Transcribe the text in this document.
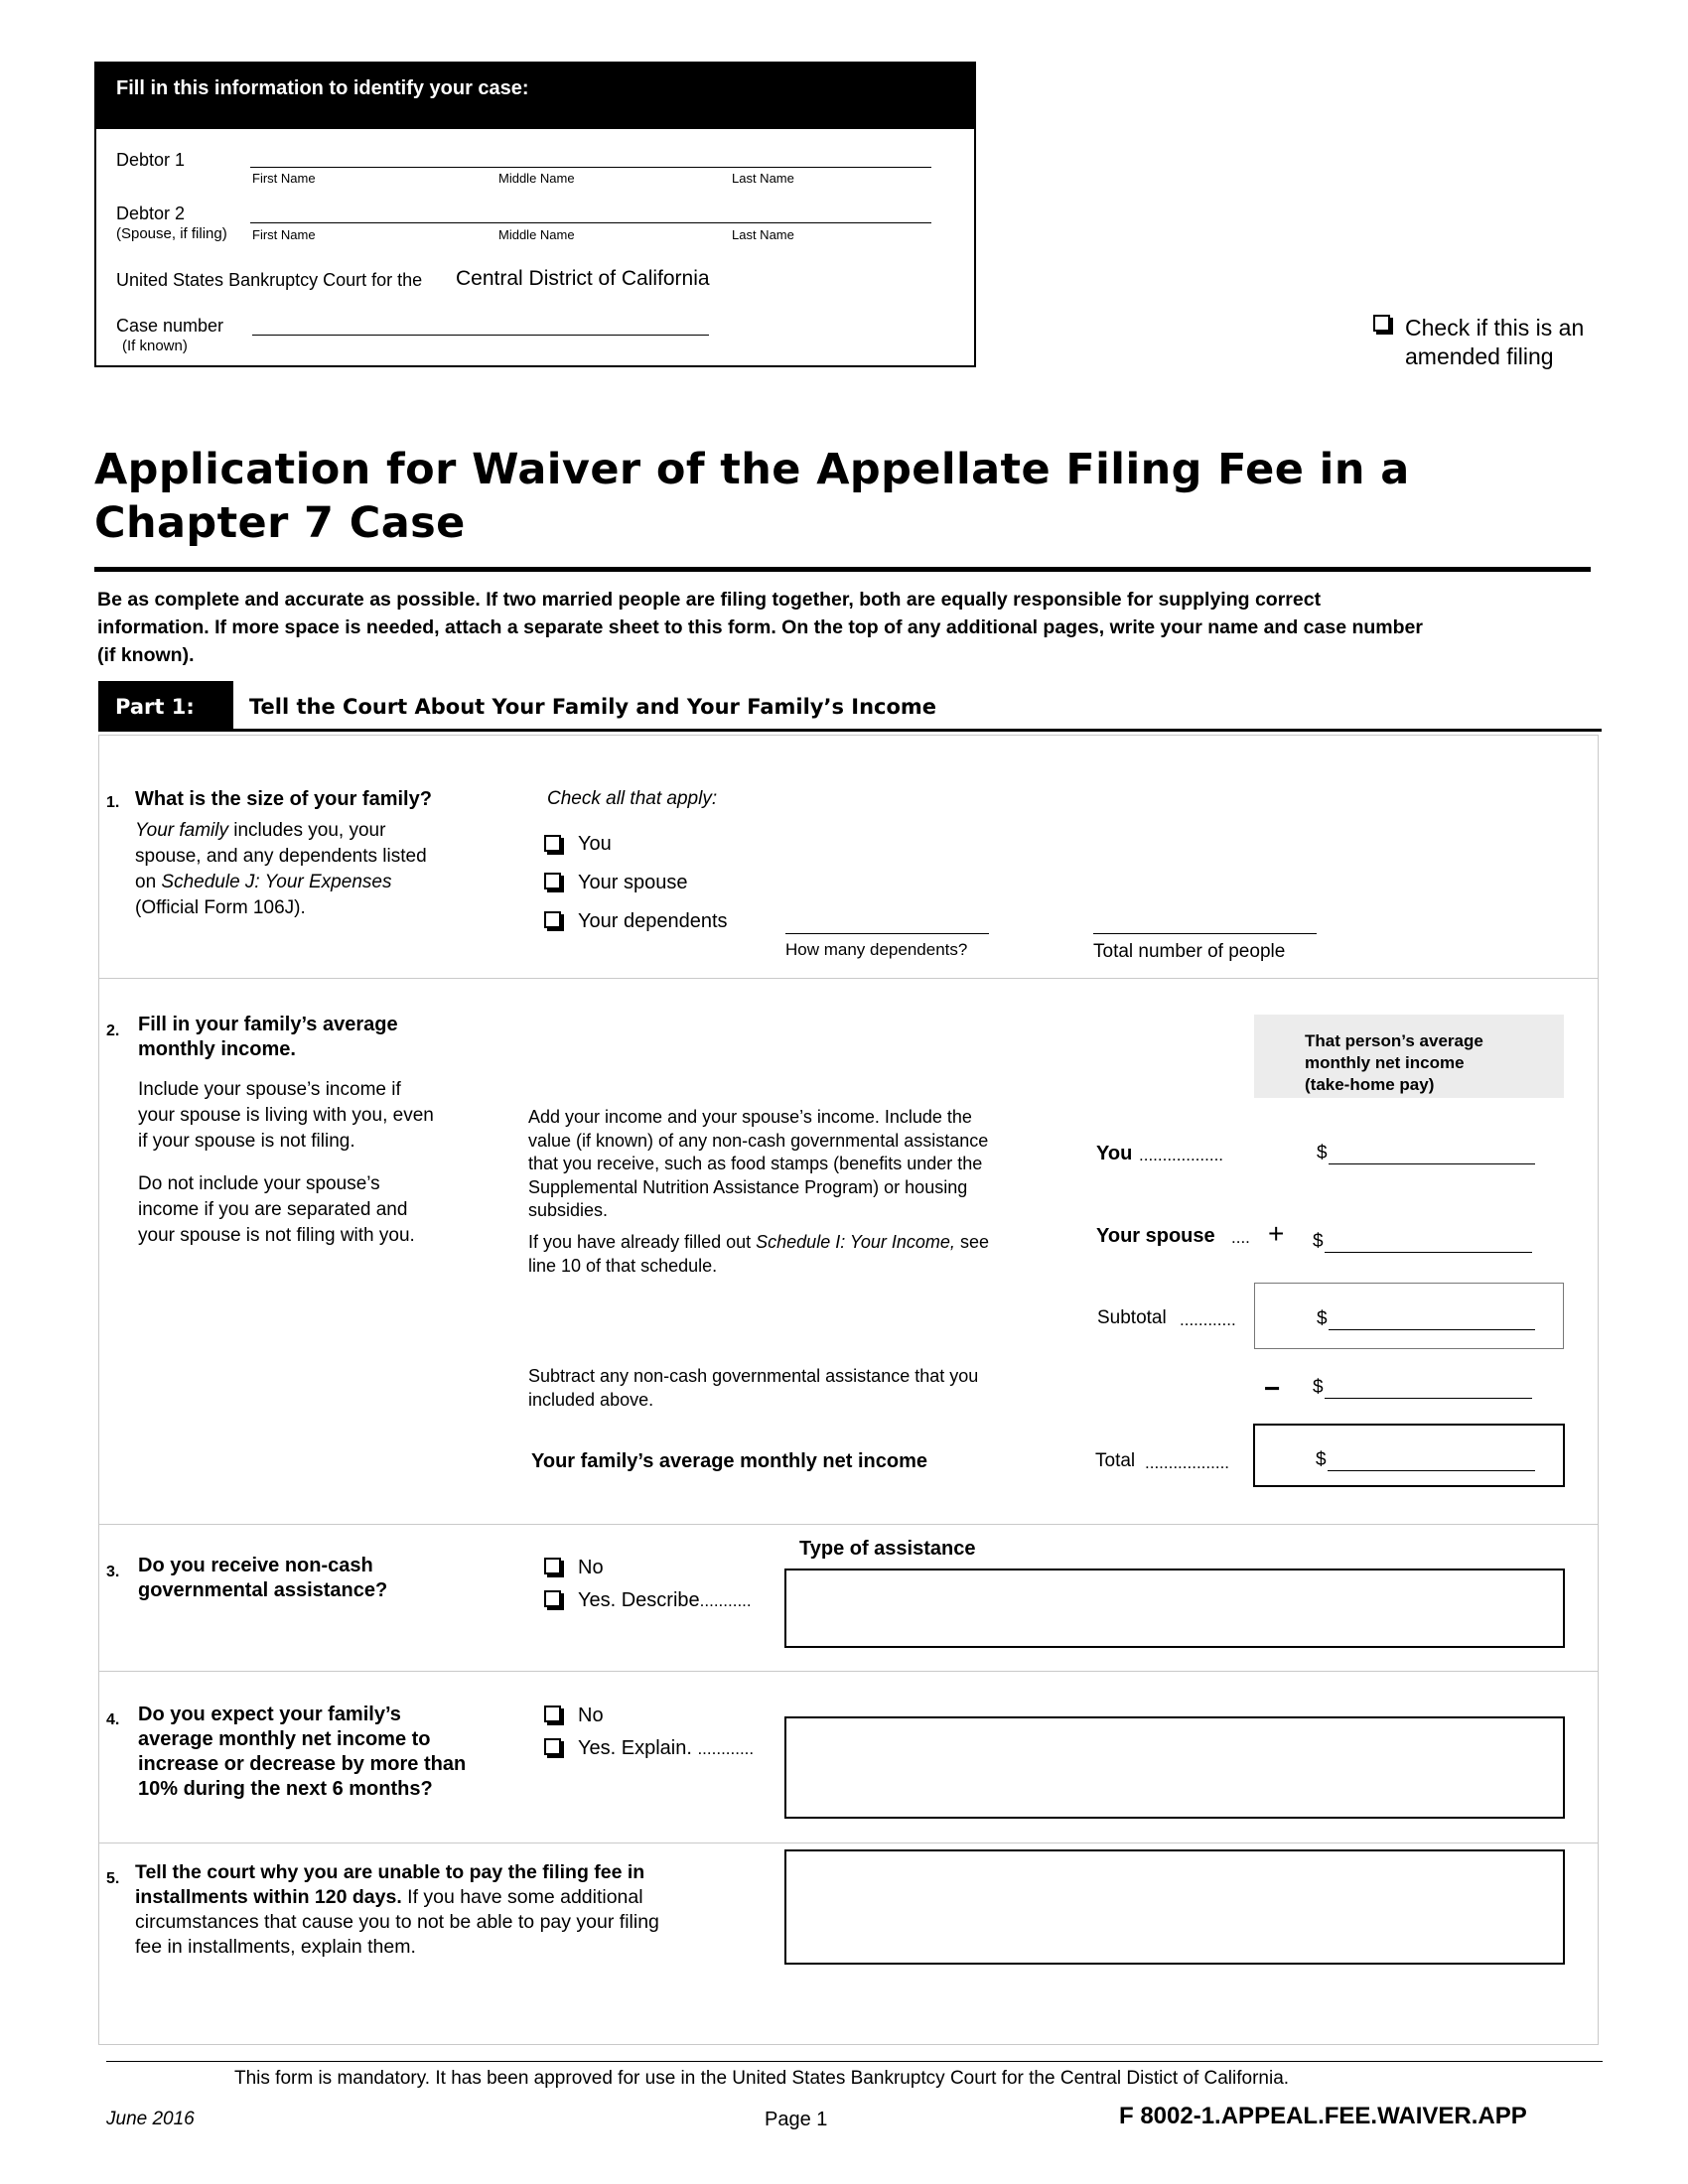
Fill in this information to identify your case:
Debtor 1
First Name	Middle Name	Last Name
Debtor 2
(Spouse, if filing) First Name	Middle Name	Last Name
United States Bankruptcy Court for the Central District of California
Case number
(If known)
Check if this is an
amended filing
Application for Waiver of the Appellate Filing Fee in a
Chapter 7 Case
Be as complete and accurate as possible. If two married people are filing together, both are equally responsible for supplying correct
information. If more space is needed, attach a separate sheet to this form. On the top of any additional pages, write your name and case number
(if known).
Part 1:	Tell the Court About Your Family and Your Family’s Income
1. What is the size of your family?
Your family includes you, your
spouse, and any dependents listed
on Schedule J: Your Expenses
(Official Form 106J).
Check all that apply:
You
Your spouse
Your dependents
How many dependents?	Total number of people
2. Fill in your family’s average
monthly income.
Include your spouse’s income if
your spouse is living with you, even
if your spouse is not filing.
Do not include your spouse’s
income if you are separated and
your spouse is not filing with you.
Add your income and your spouse’s income. Include the
value (if known) of any non-cash governmental assistance
that you receive, such as food stamps (benefits under the
Supplemental Nutrition Assistance Program) or housing
subsidies.
If you have already filled out Schedule I: Your Income, see
line 10 of that schedule.
Subtract any non-cash governmental assistance that you
included above.
Your family’s average monthly net income
That person’s average
monthly net income
(take-home pay)
You ..................	$
Your spouse .... + $
Subtotal ............	$
− $
Total ..................	$
3. Do you receive non-cash
governmental assistance?
Type of assistance
No
Yes. Describe...........
4. Do you expect your family’s
average monthly net income to
increase or decrease by more than
10% during the next 6 months?
No
Yes. Explain. ............
5. Tell the court why you are unable to pay the filing fee in
installments within 120 days. If you have some additional
circumstances that cause you to not be able to pay your filing
fee in installments, explain them.
This form is mandatory. It has been approved for use in the United States Bankruptcy Court for the Central Distict of California.
June 2016	Page 1	F 8002-1.APPEAL.FEE.WAIVER.APP
